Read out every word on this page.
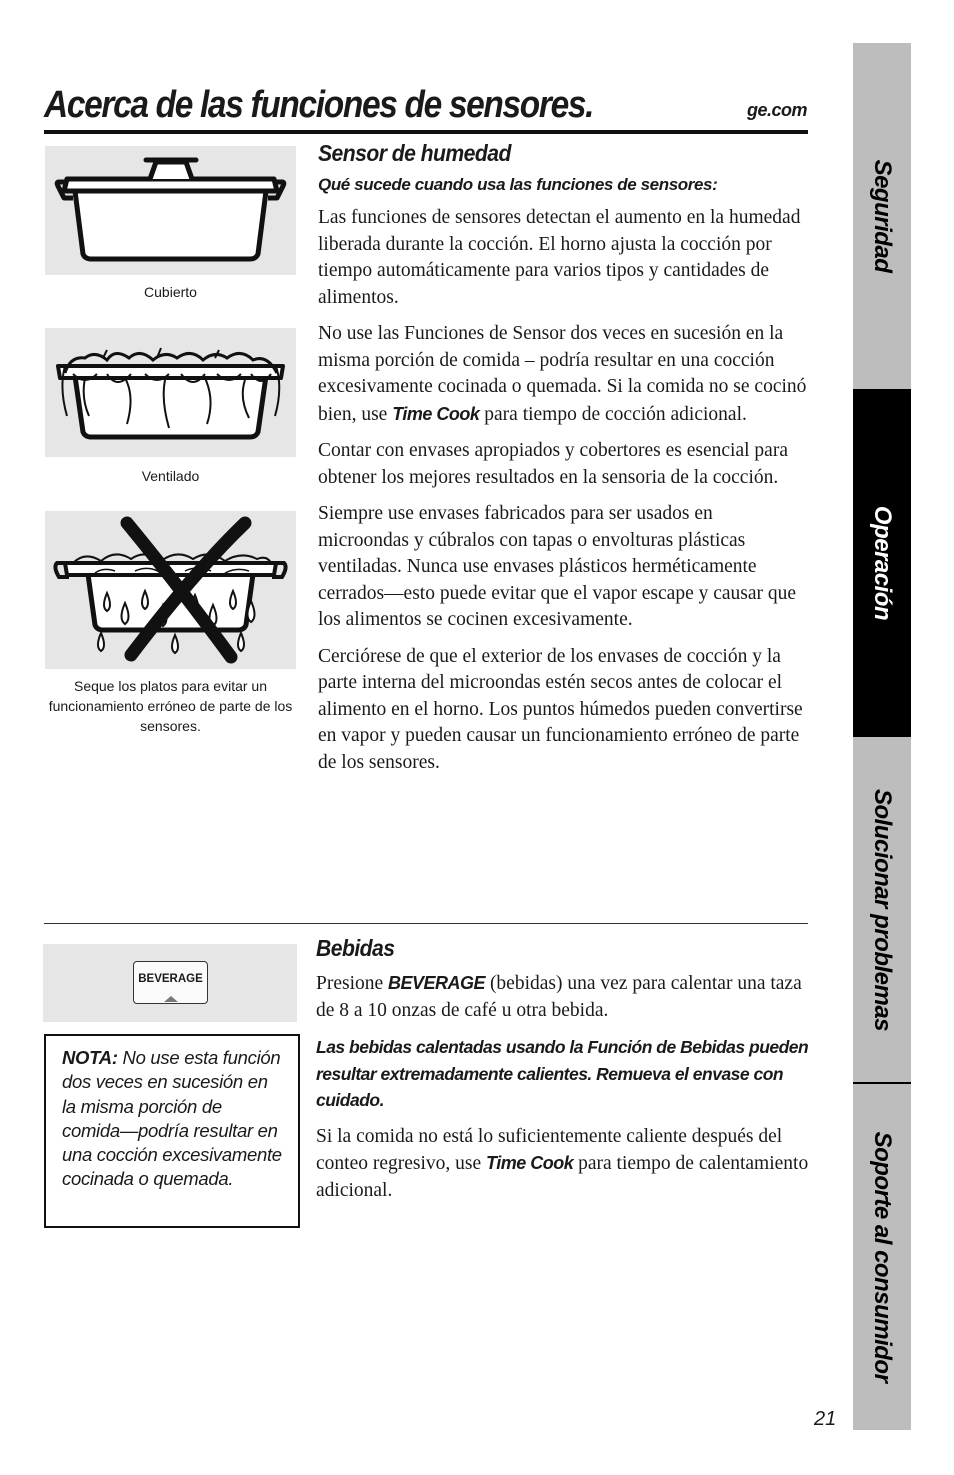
Acerca de las funciones de sensores.	ge.com
Cubierto
Ventilado
Seque los platos para evitar un funcionamiento erróneo de parte de los sensores.
Sensor de humedad
Qué sucede cuando usa las funciones de sensores:

Las funciones de sensores detectan el aumento en la humedad liberada durante la cocción. El horno ajusta la cocción por tiempo automáticamente para varios tipos y cantidades de alimentos.

No use las Funciones de Sensor dos veces en sucesión en la misma porción de comida – podría resultar en una cocción excesivamente cocinada o quemada. Si la comida no se cocinó bien, use Time Cook para tiempo de cocción adicional.

Contar con envases apropiados y cobertores es esencial para obtener los mejores resultados en la sensoria de la cocción.

Siempre use envases fabricados para ser usados en microondas y cúbralos con tapas o envolturas plásticas ventiladas. Nunca use envases plásticos herméticamente cerrados—esto puede evitar que el vapor escape y causar que los alimentos se cocinen excesivamente.

Cerciórese de que el exterior de los envases de cocción y la parte interna del microondas estén secos antes de colocar el alimento en el horno. Los puntos húmedos pueden convertirse en vapor y pueden causar un funcionamiento erróneo de parte de los sensores.

BEVERAGE
NOTA: No use esta función dos veces en sucesión en la misma porción de comida—podría resultar en una cocción excesivamente cocinada o quemada.
Bebidas

Presione BEVERAGE (bebidas) una vez para calentar una taza de 8 a 10 onzas de café u otra bebida.

Las bebidas calentadas usando la Función de Bebidas pueden resultar extremadamente calientes. Remueva el envase con cuidado.

Si la comida no está lo suficientemente caliente después del conteo regresivo, use Time Cook para tiempo de calentamiento adicional.

Seguridad
Operación
Solucionar problemas
Soporte al consumidor
21
